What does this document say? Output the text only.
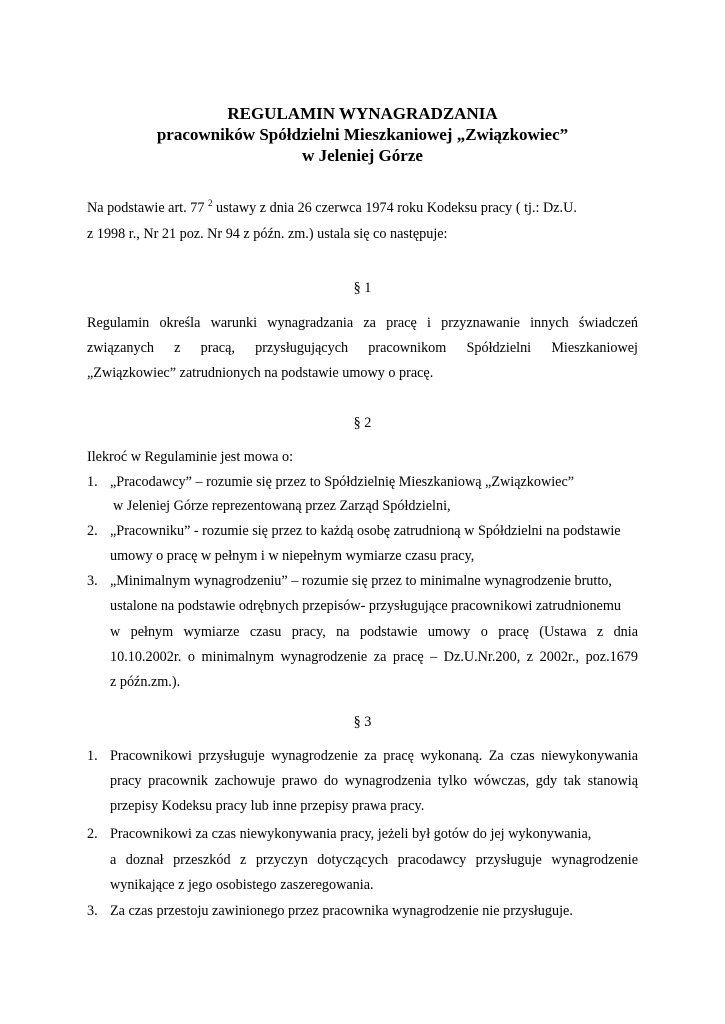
REGULAMIN WYNAGRADZANIA
pracowników Spółdzielni Mieszkaniowej „Związkowiec”
w Jeleniej Górze
Na podstawie art. 77 $^2$ ustawy z dnia 26 czerwca 1974 roku Kodeksu pracy ( tj.: Dz.U.
z 1998 r., Nr 21 poz. Nr 94 z późn. zm.) ustala się co następuje:
§ 1
Regulamin określa warunki wynagradzania za pracę i przyznawanie innych świadczeń
związanych z pracą, przysługujących pracownikom Spółdzielni Mieszkaniowej
„Związkowiec” zatrudnionych na podstawie umowy o pracę.
§ 2
Ilekroć w Regulaminie jest mowa o:
1. „Pracodawcy” – rozumie się przez to Spółdzielnię Mieszkaniową „Związkowiec”
w Jeleniej Górze reprezentowaną przez Zarząd Spółdzielni,
2. „Pracowniku” - rozumie się przez to każdą osobę zatrudnioną w Spółdzielni na podstawie
umowy o pracę w pełnym i w niepełnym wymiarze czasu pracy,
3. „Minimalnym wynagrodzeniu” – rozumie się przez to minimalne wynagrodzenie brutto,
ustalone na podstawie odrębnych przepisów- przysługujące pracownikowi zatrudnionemu
w pełnym wymiarze czasu pracy, na podstawie umowy o pracę (Ustawa z dnia
10.10.2002r. o minimalnym wynagrodzenie za pracę – Dz.U.Nr.200, z 2002r., poz.1679
z późn.zm.).
§ 3
1. Pracownikowi przysługuje wynagrodzenie za pracę wykonaną. Za czas niewykonywania
pracy pracownik zachowuje prawo do wynagrodzenia tylko wówczas, gdy tak stanowią
przepisy Kodeksu pracy lub inne przepisy prawa pracy.
2. Pracownikowi za czas niewykonywania pracy, jeżeli był gotów do jej wykonywania,
a doznał przeszkód z przyczyn dotyczących pracodawcy przysługuje wynagrodzenie
wynikające z jego osobistego zaszeregowania.
3. Za czas przestoju zawinionego przez pracownika wynagrodzenie nie przysługuje.
